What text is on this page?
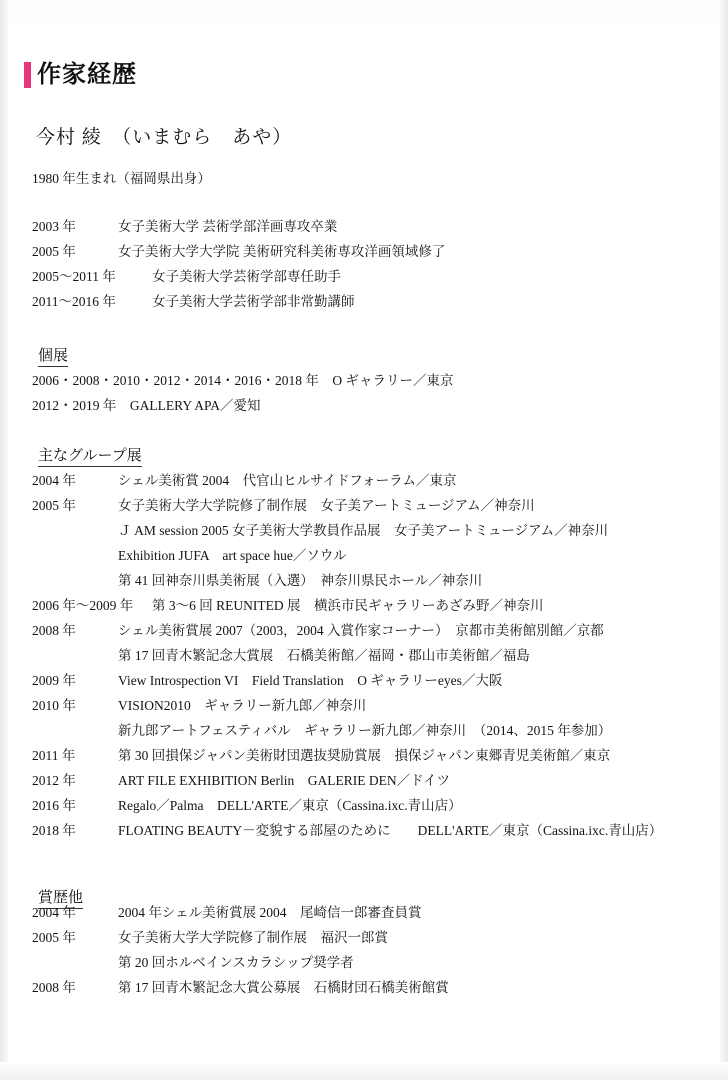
作家経歴
今村 綾　（いまむら　あや）
1980 年生まれ（福岡県出身）
2003 年	女子美術大学 芸術学部洋画専攻卒業
2005 年	女子美術大学大学院 美術研究科美術専攻洋画領域修了
2005〜2011 年	女子美術大学芸術学部専任助手
2011〜2016 年	女子美術大学芸術学部非常勤講師
個展
2006・2008・2010・2012・2014・2016・2018 年　O ギャラリー／東京
2012・2019 年　GALLERY APA／愛知
主なグループ展
2004 年	シェル美術賞 2004　代官山ヒルサイドフォーラム／東京
2005 年	女子美術大学大学院修了制作展　女子美アートミュージアム／神奈川
Ｊ AM session 2005 女子美術大学教員作品展　女子美アートミュージアム／神奈川
Exhibition JUFA　art space hue／ソウル
第 41 回神奈川県美術展（入選）　神奈川県民ホール／神奈川
2006 年〜2009 年 第 3〜6 回 REUNITED 展　横浜市民ギャラリーあざみ野／神奈川
2008 年	シェル美術賞展 2007（2003，2004 入賞作家コーナー）　京都市美術館別館／京都
第 17 回青木繁記念大賞展　石橋美術館／福岡・郡山市美術館／福島
2009 年	View Introspection VI　Field Translation　O ギャラリーeyes／大阪
2010 年	VISION2010　ギャラリー新九郎／神奈川
新九郎アートフェスティバル　ギャラリー新九郎／神奈川　（2014、2015 年参加）
2011 年	第 30 回損保ジャパン美術財団選抜奨励賞展　損保ジャパン東郷青児美術館／東京
2012 年	ART FILE EXHIBITION Berlin　GALERIE DEN／ドイツ
2016 年	Regalo／Palma　DELL'ARTE／東京（Cassina.ixc.青山店）
2018 年	FLOATING BEAUTY－変貌する部屋のために　　DELL'ARTE／東京（Cassina.ixc.青山店）
賞歴他
2004 年	2004 年シェル美術賞展 2004　尾崎信一郎審査員賞
2005 年	女子美術大学大学院修了制作展　福沢一郎賞
第 20 回ホルベインスカラシップ奨学者
2008 年	第 17 回青木繁記念大賞公募展　石橋財団石橋美術館賞
